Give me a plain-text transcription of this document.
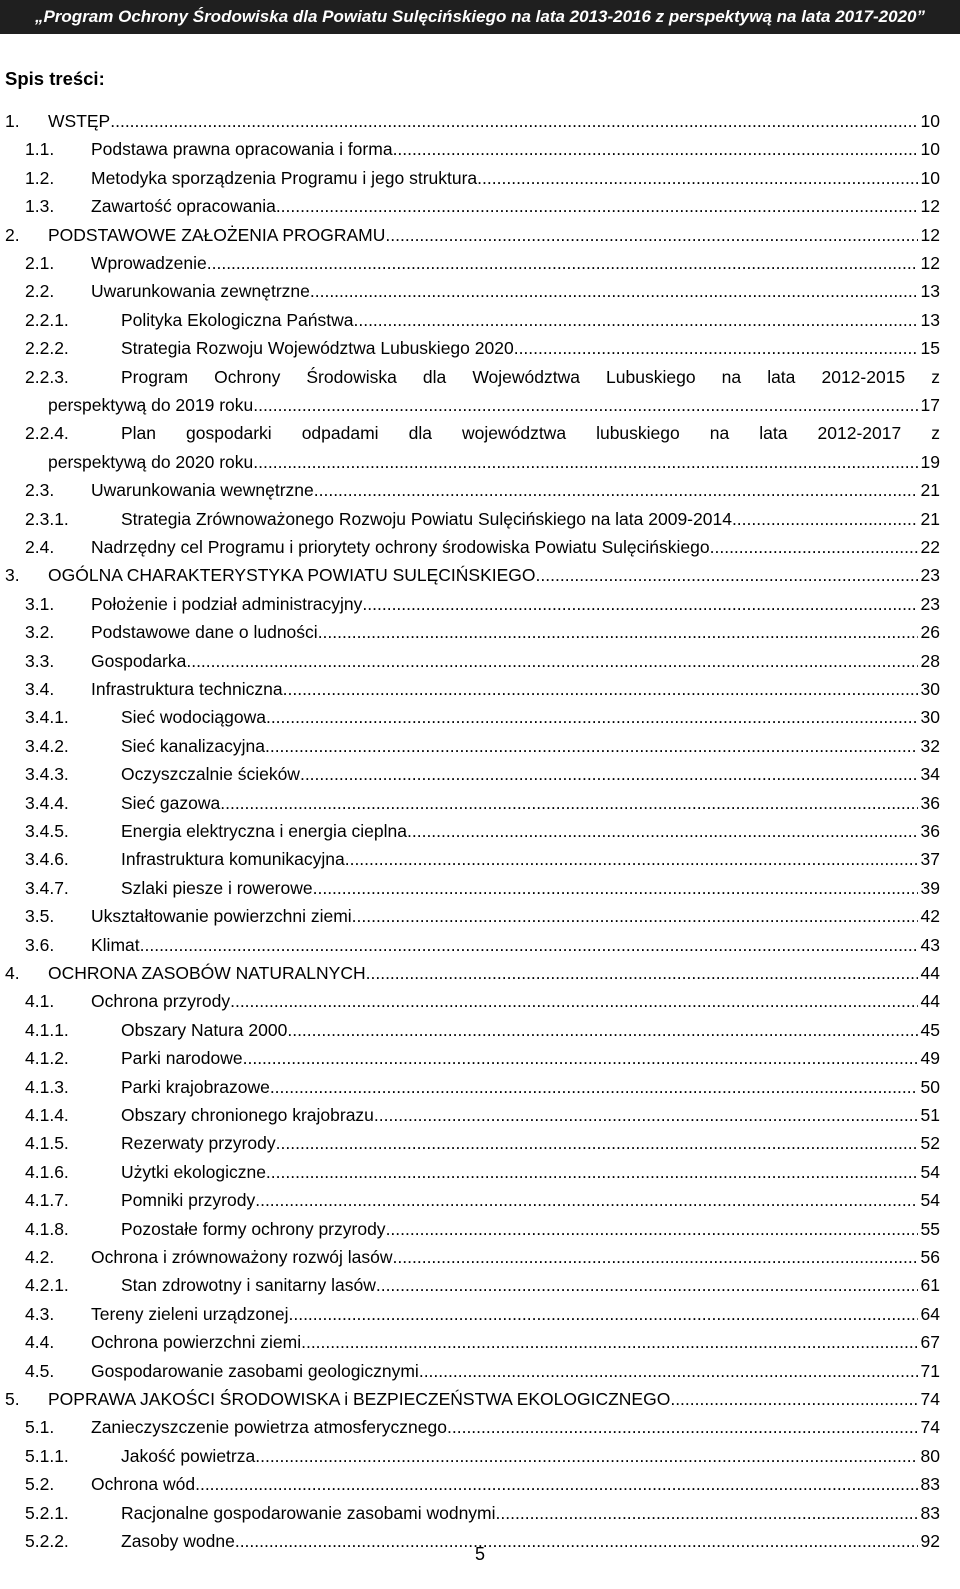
„Program Ochrony Środowiska dla Powiatu Sulęcińskiego na lata 2013-2016 z perspektywą na lata 2017-2020”
Spis treści:
1. WSTĘP .....	10
1.1. Podstawa prawna opracowania i forma .....	10
1.2. Metodyka sporządzenia Programu i jego struktura. .....	10
1.3. Zawartość opracowania .....	12
2. PODSTAWOWE ZAŁOŻENIA PROGRAMU .....	12
2.1. Wprowadzenie .....	12
2.2. Uwarunkowania zewnętrzne .....	13
2.2.1.	Polityka Ekologiczna Państwa .....	13
2.2.2.	Strategia Rozwoju Województwa Lubuskiego 2020 .....	15
2.2.3.	Program Ochrony Środowiska dla Województwa Lubuskiego na lata 2012-2015 z
perspektywą do 2019 roku .....	17
2.2.4.	Plan gospodarki odpadami dla województwa lubuskiego na lata 2012-2017 z
perspektywą do 2020 roku .....	19
2.3. Uwarunkowania wewnętrzne .....	21
2.3.1.	Strategia Zrównoważonego Rozwoju Powiatu Sulęcińskiego na lata 2009-2014 .....	21
2.4. Nadrzędny cel Programu i priorytety ochrony środowiska Powiatu Sulęcińskiego .....	22
3. OGÓLNA CHARAKTERYSTYKA POWIATU SULĘCIŃSKIEGO .....	23
3.1. Położenie i podział administracyjny .....	23
3.2. Podstawowe dane o ludności .....	26
3.3. Gospodarka .....	28
3.4. Infrastruktura techniczna .....	30
3.4.1.	Sieć wodociągowa .....	30
3.4.2.	Sieć kanalizacyjna .....	32
3.4.3.	Oczyszczalnie ścieków .....	34
3.4.4.	Sieć gazowa .....	36
3.4.5.	Energia elektryczna i energia cieplna .....	36
3.4.6.	Infrastruktura komunikacyjna .....	37
3.4.7.	Szlaki piesze i rowerowe .....	39
3.5. Ukształtowanie powierzchni ziemi .....	42
3.6. Klimat .....	43
4. OCHRONA ZASOBÓW NATURALNYCH .....	44
4.1. Ochrona przyrody .....	44
4.1.1.	Obszary Natura 2000 .....	45
4.1.2.	Parki narodowe .....	49
4.1.3.	Parki krajobrazowe .....	50
4.1.4.	Obszary chronionego krajobrazu .....	51
4.1.5.	Rezerwaty przyrody .....	52
4.1.6.	Użytki ekologiczne .....	54
4.1.7.	Pomniki przyrody .....	54
4.1.8.	Pozostałe formy ochrony przyrody .....	55
4.2. Ochrona i zrównoważony rozwój lasów .....	56
4.2.1.	Stan zdrowotny i sanitarny lasów .....	61
4.3. Tereny zieleni urządzonej .....	64
4.4. Ochrona powierzchni ziemi .....	67
4.5. Gospodarowanie zasobami geologicznymi .....	71
5. POPRAWA JAKOŚCI ŚRODOWISKA i BEZPIECZEŃSTWA EKOLOGICZNEGO .....	74
5.1. Zanieczyszczenie powietrza atmosferycznego .....	74
5.1.1.	Jakość powietrza .....	80
5.2. Ochrona wód .....	83
5.2.1.	Racjonalne gospodarowanie zasobami wodnymi .....	83
5.2.2.	Zasoby wodne .....	92
5
